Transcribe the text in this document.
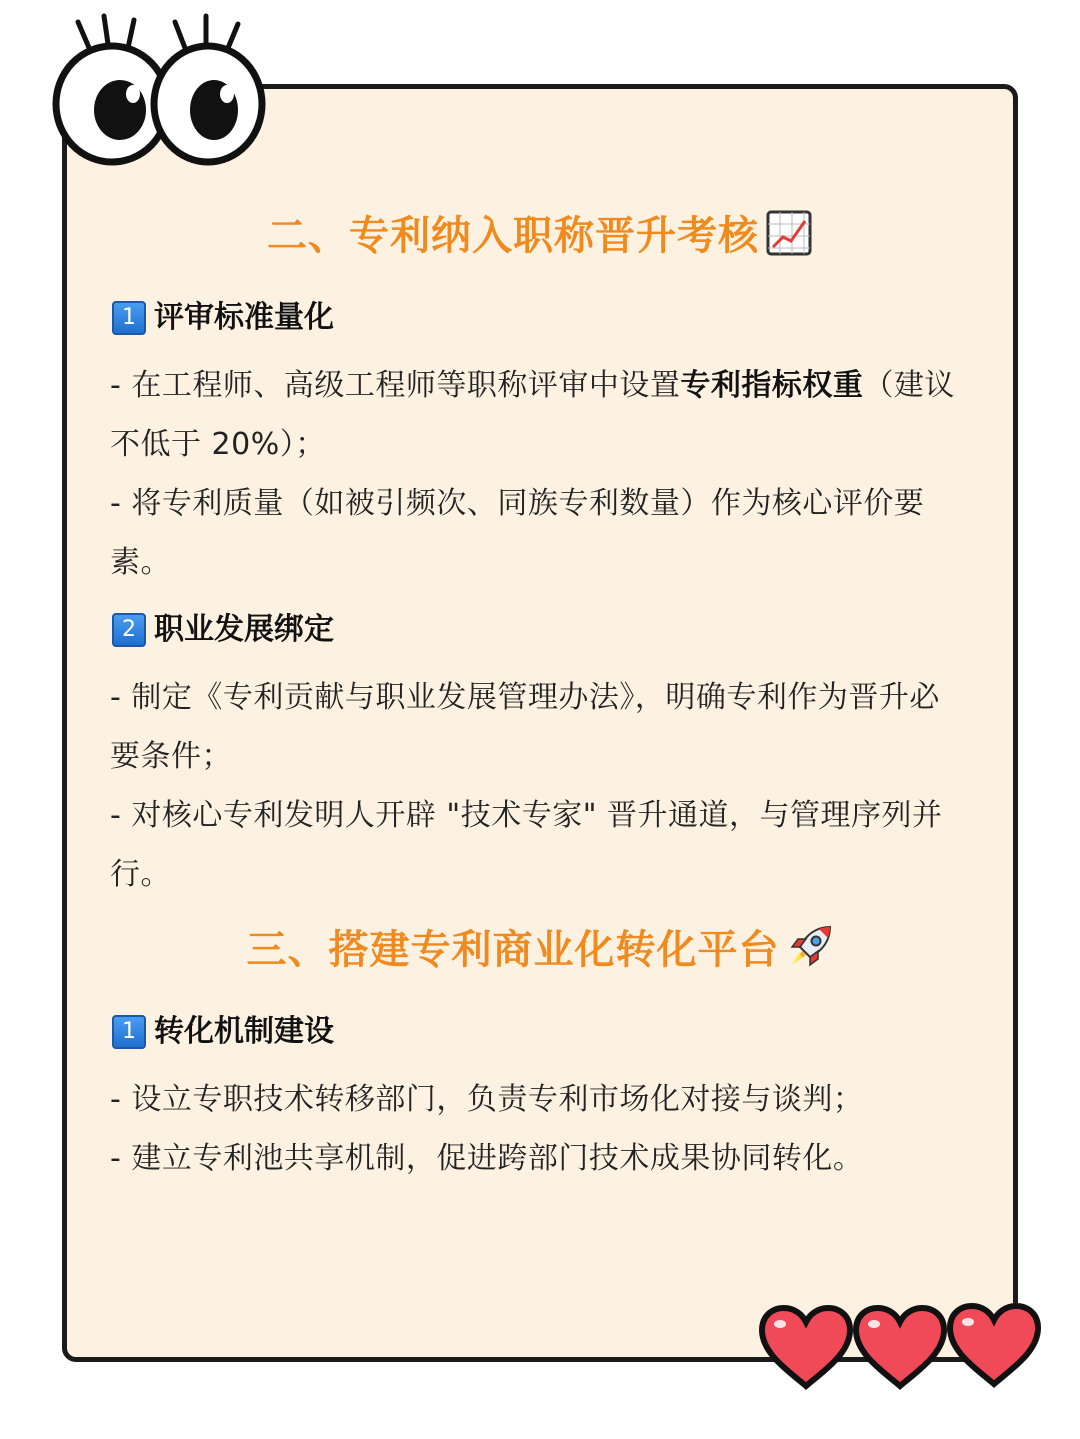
二、专利纳入职称晋升考核
1 评审标准量化
- 在工程师、高级工程师等职称评审中设置专利指标权重（建议不低于 20%）；
- 将专利质量（如被引频次、同族专利数量）作为核心评价要素。
2 职业发展绑定
- 制定《专利贡献与职业发展管理办法》，明确专利作为晋升必要条件；
- 对核心专利发明人开辟 "技术专家" 晋升通道，与管理序列并行。
三、搭建专利商业化转化平台
1 转化机制建设
- 设立专职技术转移部门，负责专利市场化对接与谈判；
- 建立专利池共享机制，促进跨部门技术成果协同转化。
